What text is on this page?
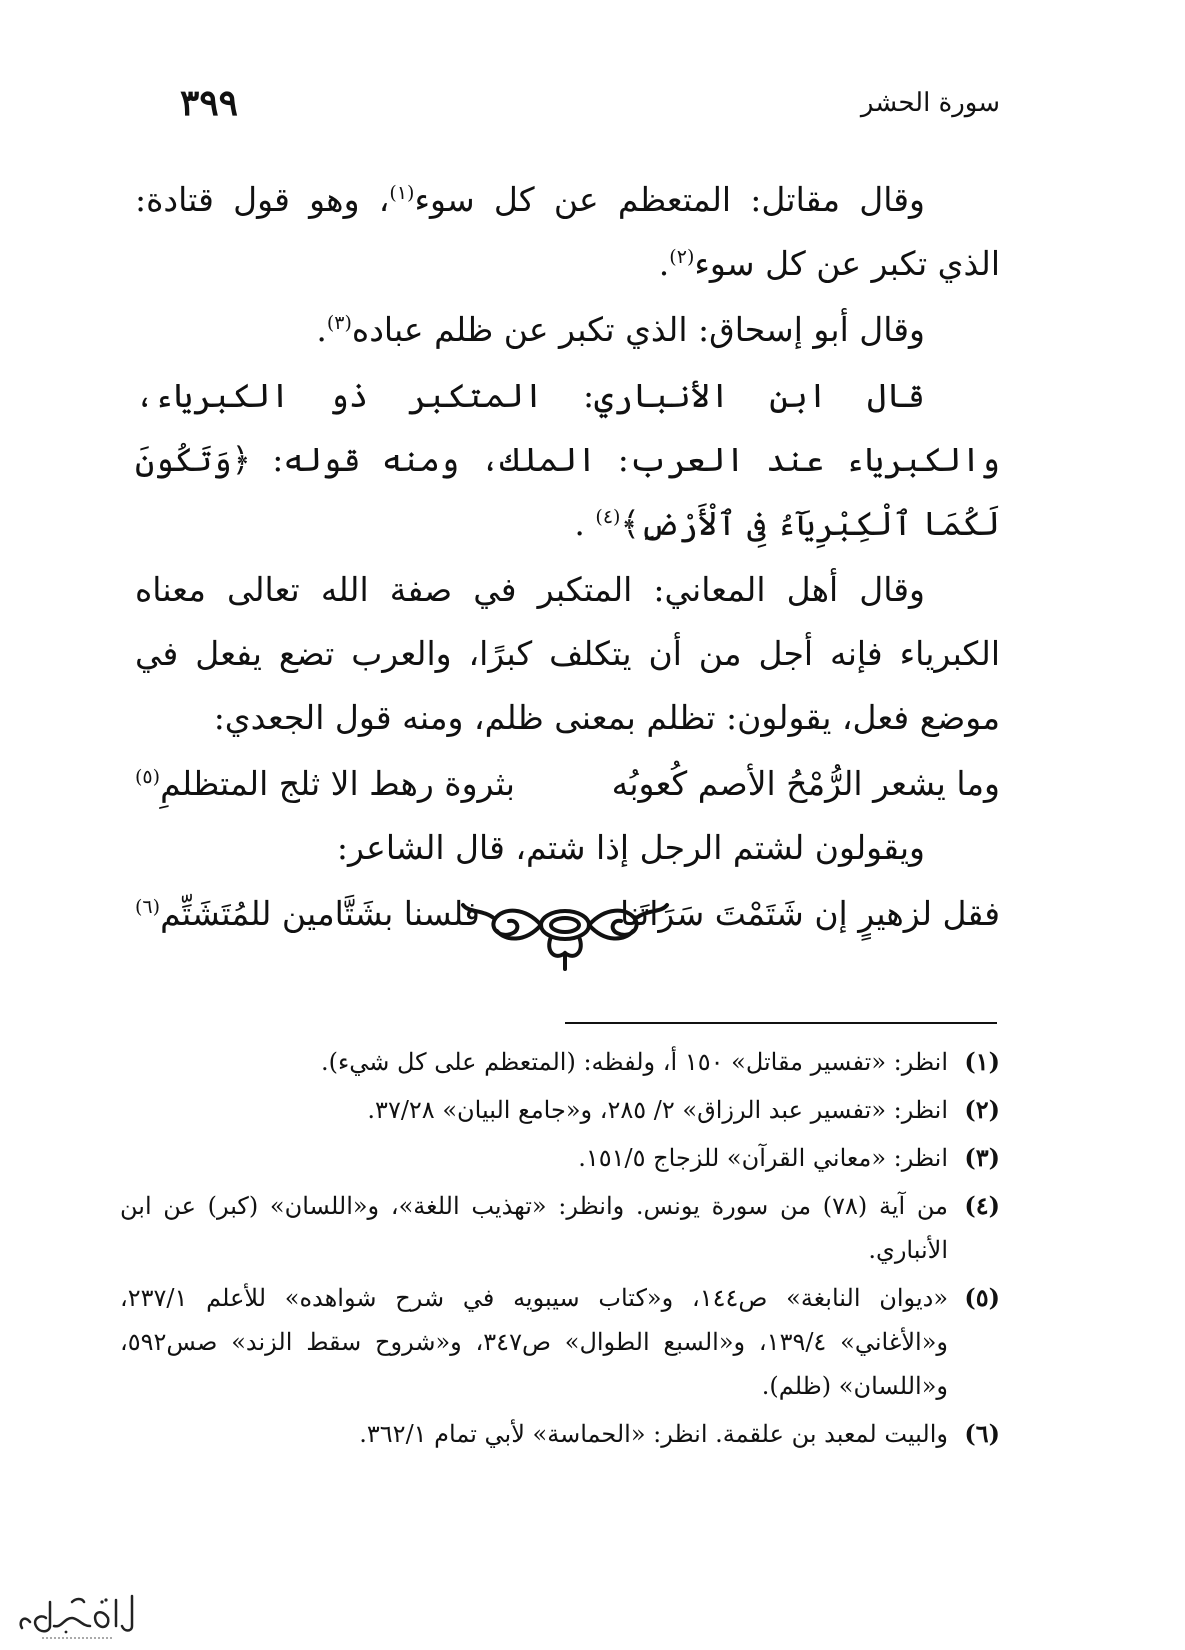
سورة الحشر
٣٩٩

وقال مقاتل: المتعظم عن كل سوء$^{(١)}$، وهو قول قتادة: الذي تكبر عن كل سوء$^{(٢)}$.

وقال أبو إسحاق: الذي تكبر عن ظلم عباده$^{(٣)}$.

قال ابن الأنباري: المتكبر ذو الكبرياء، والكبرياء عند العرب: الملك، ومنه قوله: ﴿وَتَكُونَ لَكُمَا ٱلْكِبْرِيَآءُ فِى ٱلْأَرْضِ﴾$^{(٤)}$ .

وقال أهل المعاني: المتكبر في صفة الله تعالى معناه الكبرياء فإنه أجل من أن يتكلف كبرًا، والعرب تضع يفعل في موضع فعل، يقولون: تظلم بمعنى ظلم، ومنه قول الجعدي:

وما يشعر الرُّمْحُ الأصم كُعوبُه
بثروة رهط الا ثلج المتظلمِ$^{(٥)}$

ويقولون لشتم الرجل إذا شتم، قال الشاعر:

فقل لزهيرٍ إن شَتَمْتَ سَرَاتَنا
فلسنا بشَتَّامين للمُتَشَتِّم$^{(٦)}$
(١)
انظر: «تفسير مقاتل» ١٥٠ أ، ولفظه: (المتعظم على كل شيء).
(٢)
انظر: «تفسير عبد الرزاق» ٢/ ٢٨٥، و«جامع البيان» ٣٧/٢٨.
(٣)
انظر: «معاني القرآن» للزجاج ١٥١/٥.
(٤)
من آية (٧٨) من سورة يونس. وانظر: «تهذيب اللغة»، و«اللسان» (كبر) عن ابن الأنباري.
(٥)
«ديوان النابغة» ص١٤٤، و«كتاب سيبويه في شرح شواهده» للأعلم ٢٣٧/١، و«الأغاني» ١٣٩/٤، و«السبع الطوال» ص٣٤٧، و«شروح سقط الزند» صس٥٩٢، و«اللسان» (ظلم).
(٦)
والبيت لمعبد بن علقمة. انظر: «الحماسة» لأبي تمام ٣٦٢/١.
